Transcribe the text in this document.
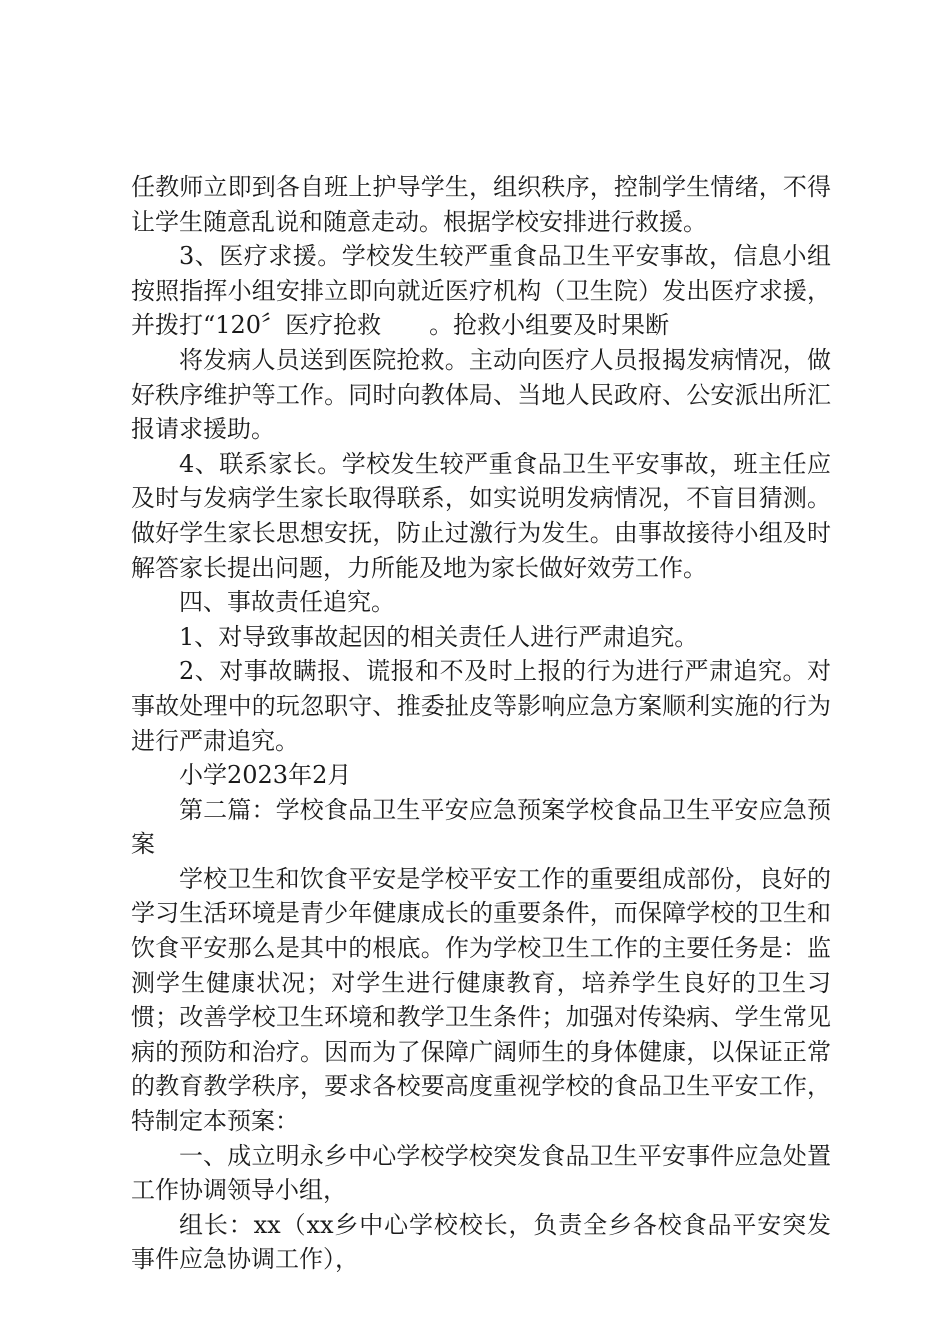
任教师立即到各自班上护导学生，组织秩序，控制学生情绪，不得让学生随意乱说和随意走动。根据学校安排进行救援。

3、医疗求援。学校发生较严重食品卫生平安事故，信息小组按照指挥小组安排立即向就近医疗机构（卫生院）发出医疗求援，并拨打“120〞医疗抢救　　。抢救小组要及时果断

将发病人员送到医院抢救。主动向医疗人员报揭发病情况，做好秩序维护等工作。同时向教体局、当地人民政府、公安派出所汇报请求援助。

4、联系家长。学校发生较严重食品卫生平安事故，班主任应及时与发病学生家长取得联系，如实说明发病情况，不盲目猜测。做好学生家长思想安抚，防止过激行为发生。由事故接待小组及时解答家长提出问题，力所能及地为家长做好效劳工作。

四、事故责任追究。

1、对导致事故起因的相关责任人进行严肃追究。

2、对事故瞒报、谎报和不及时上报的行为进行严肃追究。对事故处理中的玩忽职守、推委扯皮等影响应急方案顺利实施的行为进行严肃追究。

小学2023年2月

第二篇：学校食品卫生平安应急预案学校食品卫生平安应急预案

学校卫生和饮食平安是学校平安工作的重要组成部份，良好的学习生活环境是青少年健康成长的重要条件，而保障学校的卫生和饮食平安那么是其中的根底。作为学校卫生工作的主要任务是：监测学生健康状况；对学生进行健康教育，培养学生良好的卫生习惯；改善学校卫生环境和教学卫生条件；加强对传染病、学生常见病的预防和治疗。因而为了保障广阔师生的身体健康，以保证正常的教育教学秩序，要求各校要高度重视学校的食品卫生平安工作，特制定本预案：

一、成立明永乡中心学校学校突发食品卫生平安事件应急处置工作协调领导小组，

组长：xx（xx乡中心学校校长，负责全乡各校食品平安突发事件应急协调工作），
